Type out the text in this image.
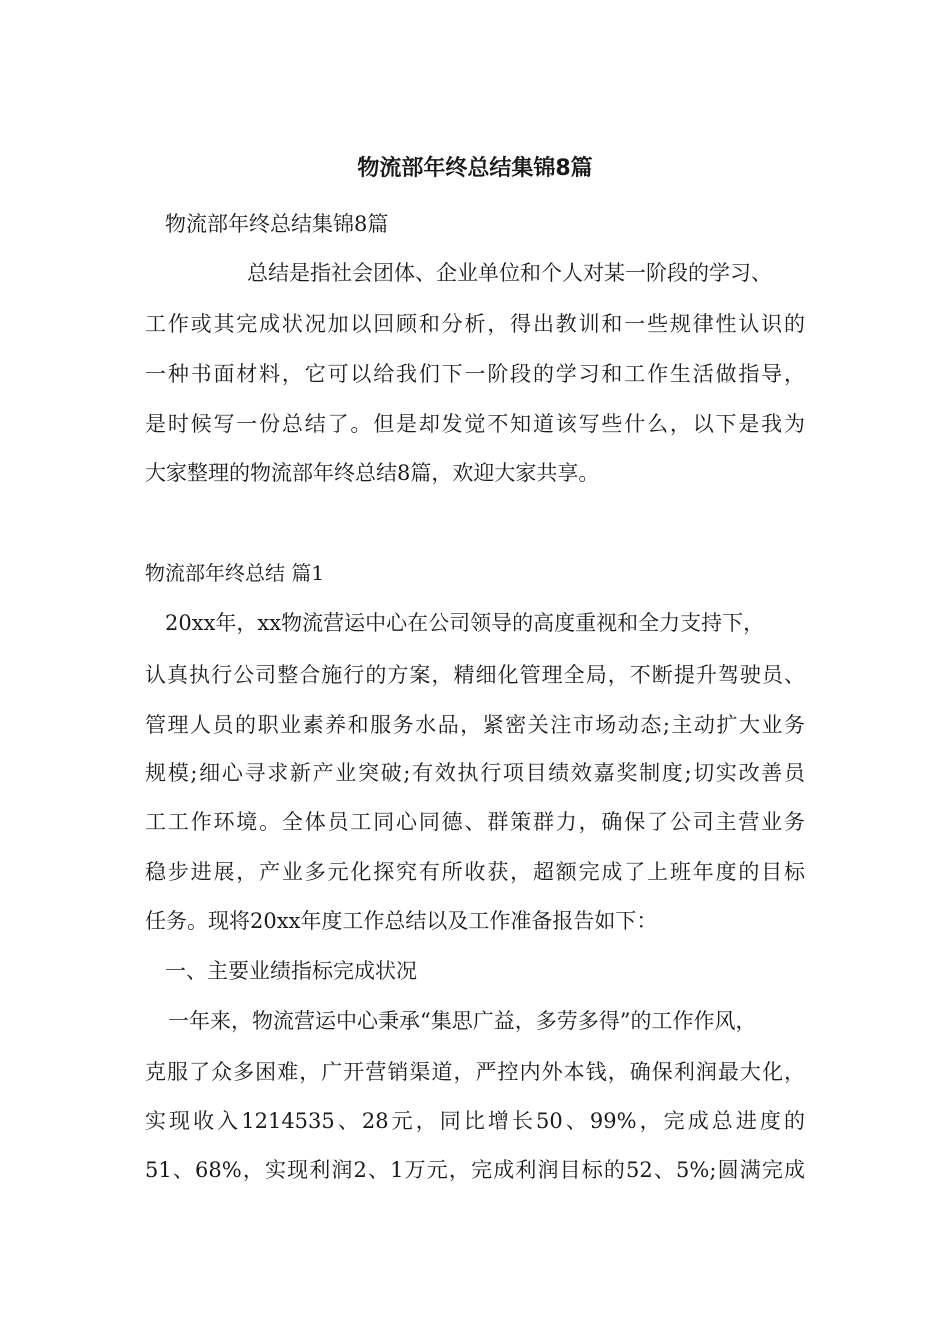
物流部年终总结集锦8篇
物流部年终总结集锦8篇
总结是指社会团体、企业单位和个人对某一阶段的学习、
工作或其完成状况加以回顾和分析，得出教训和一些规律性认识的
一种书面材料，它可以给我们下一阶段的学习和工作生活做指导，
是时候写一份总结了。但是却发觉不知道该写些什么，以下是我为
大家整理的物流部年终总结8篇，欢迎大家共享。
物流部年终总结 篇1
20xx年，xx物流营运中心在公司领导的高度重视和全力支持下，
认真执行公司整合施行的方案，精细化管理全局，不断提升驾驶员、
管理人员的职业素养和服务水品，紧密关注市场动态;主动扩大业务
规模;细心寻求新产业突破;有效执行项目绩效嘉奖制度;切实改善员
工工作环境。全体员工同心同德、群策群力，确保了公司主营业务
稳步进展，产业多元化探究有所收获，超额完成了上班年度的目标
任务。现将20xx年度工作总结以及工作准备报告如下：
一、主要业绩指标完成状况
一年来，物流营运中心秉承“集思广益，多劳多得”的工作作风，
克服了众多困难，广开营销渠道，严控内外本钱，确保利润最大化，
实现收入1214535、28元，同比增长50、99%，完成总进度的
51、68%，实现利润2、1万元，完成利润目标的52、5%;圆满完成
